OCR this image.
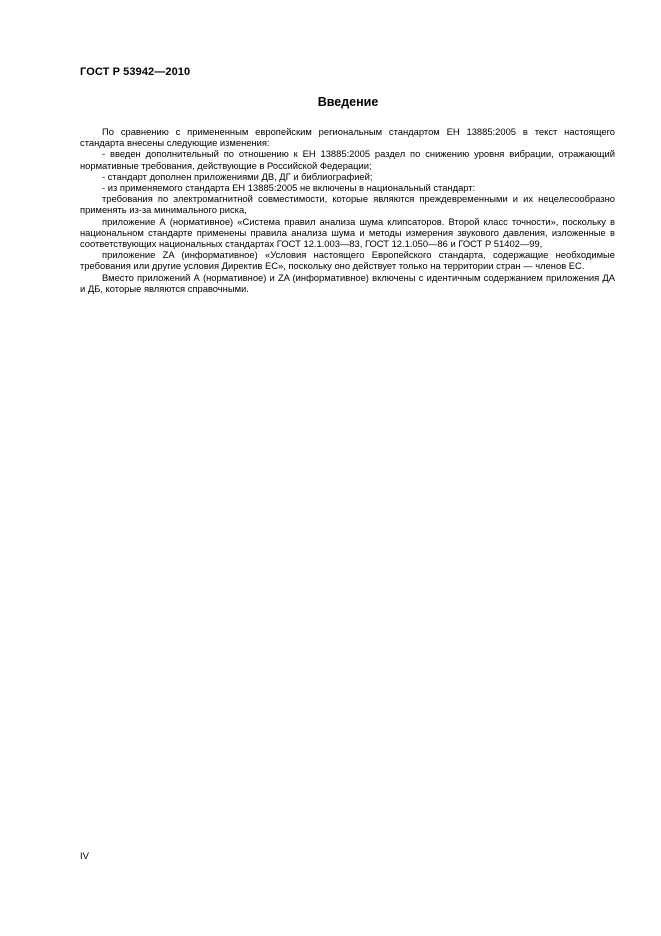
ГОСТ Р 53942—2010
Введение

По сравнению с примененным европейским региональным стандартом ЕН 13885:2005 в текст настоящего стандарта внесены следующие изменения:

- введен дополнительный по отношению к ЕН 13885:2005 раздел по снижению уровня вибрации, отражающий нормативные требования, действующие в Российской Федерации;

- стандарт дополнен приложениями ДВ, ДГ и библиографией;

- из применяемого стандарта ЕН 13885:2005 не включены в национальный стандарт:

требования по электромагнитной совместимости, которые являются преждевременными и их нецелесообразно применять из-за минимального риска,

приложение А (нормативное) «Система правил анализа шума клипсаторов. Второй класс точности», поскольку в национальном стандарте применены правила анализа шума и методы измерения звукового давления, изложенные в соответствующих национальных стандартах ГОСТ 12.1.003—83, ГОСТ 12.1.050—86 и ГОСТ Р 51402—99,

приложение ZA (информативное) «Условия настоящего Европейского стандарта, содержащие необходимые требования или другие условия Директив ЕС», поскольку оно действует только на территории стран — членов ЕС.

Вместо приложений А (нормативное) и ZA (информативное) включены с идентичным содержанием приложения ДА и ДБ, которые являются справочными.

IV
